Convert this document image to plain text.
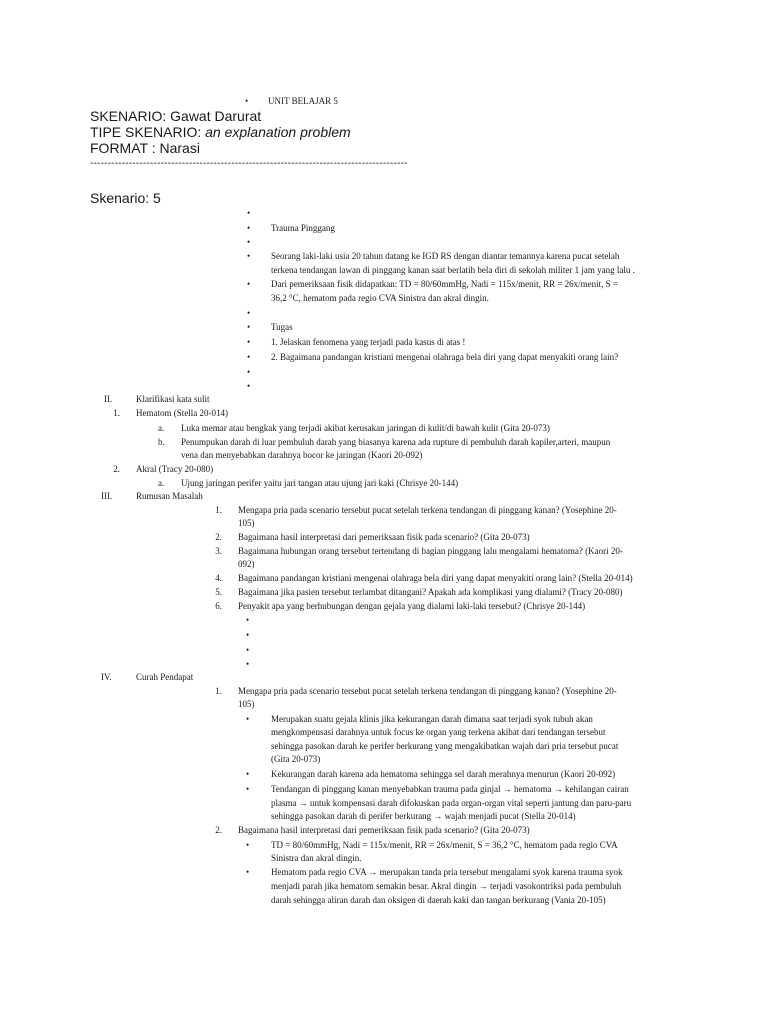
•
UNIT BELAJAR 5
SKENARIO: Gawat Darurat
TIPE SKENARIO: an explanation problem
FORMAT : Narasi
------------------------------------------------------------------------------------------
Skenario: 5
•
•
Trauma Pinggang
•
•
Seorang laki-laki usia 20 tahun datang ke IGD RS dengan diantar temannya karena pucat setelah
terkena tendangan lawan di pinggang kanan saat berlatih bela diri di sekolah militer 1 jam yang lalu .
•
Dari pemeriksaan fisik didapatkan: TD = 80/60mmHg, Nadi = 115x/menit, RR = 26x/menit, S =
36,2 °C, hematom pada regio CVA Sinistra dan akral dingin.
•
•
Tugas
•
1. Jelaskan fenomena yang terjadi pada kasus di atas !
•
2. Bagaimana pandangan kristiani mengenai olahraga bela diri yang dapat menyakiti orang lain?
•
•
II.	Klarifikasi kata sulit
1. Hematom (Stella 20-014)
a. Luka memar atau bengkak yang terjadi akibat kerusakan jaringan di kulit/di bawah kulit (Gita 20-073)
b. Penumpukan darah di luar pembuluh darah yang biasanya karena ada rupture di pembuluh darah kapiler,arteri, maupun
vena dan menyebabkan darahnya bocor ke jaringan (Kaori 20-092)
2. Akral (Tracy 20-080)
a. Ujung jaringan perifer yaitu jari tangan atau ujung jari kaki (Chrisye 20-144)
III.	Rumusan Masalah
1. Mengapa pria pada scenario tersebut pucat setelah terkena tendangan di pinggang kanan? (Yosephine 20-
105)
2. Bagaimana hasil interpretasi dari pemeriksaan fisik pada scenario? (Gita 20-073)
3. Bagaimana hubungan orang tersebut tertendang di bagian pinggang lalu mengalami hematoma? (Kaori 20-
092)
4. Bagaimana pandangan kristiani mengenai olahraga bela diri yang dapat menyakiti orang lain? (Stella 20-014)
5. Bagaimana jika pasien tersebut terlambat ditangani? Apakah ada komplikasi yang dialami? (Tracy 20-080)
6. Penyakit apa yang berhubungan dengan gejala yang dialami laki-laki tersebut? (Chrisye 20-144)
•
•
•
•
IV.	Curah Pendapat
1. Mengapa pria pada scenario tersebut pucat setelah terkena tendangan di pinggang kanan? (Yosephine 20-
105)
•
Merupakan suatu gejala klinis jika kekurangan darah dimana saat terjadi syok tubuh akan
mengkompensasi darahnya untuk focus ke organ yang terkena akibat dari tendangan tersebut
sehingga pasokan darah ke perifer berkurang yang mengakibatkan wajah dari pria tersebut pucat
(Gita 20-073)
•
Kekurangan darah karena ada hematoma sehingga sel darah merahnya menurun (Kaori 20-092)
•
Tendangan di pinggang kanan menyebabkan trauma pada ginjal → hematoma → kehilangan cairan
plasma → untuk kompensasi darah difokuskan pada organ-organ vital seperti jantung dan paru-paru
sehingga pasokan darah di perifer berkurang → wajah menjadi pucat (Stella 20-014)
2. Bagaimana hasil interpretasi dari pemeriksaan fisik pada scenario? (Gita 20-073)
•
TD = 80/60mmHg, Nadi = 115x/menit, RR = 26x/menit, S = 36,2 °C, hematom pada regio CVA
Sinistra dan akral dingin.
•
Hematom pada regio CVA → merupakan tanda pria tersebut mengalami syok karena trauma syok
menjadi parah jika hematom semakin besar. Akral dingin → terjadi vasokontriksi pada pembuluh
darah sehingga aliran darah dan oksigen di daerah kaki dan tangan berkurang (Vania 20-105)
